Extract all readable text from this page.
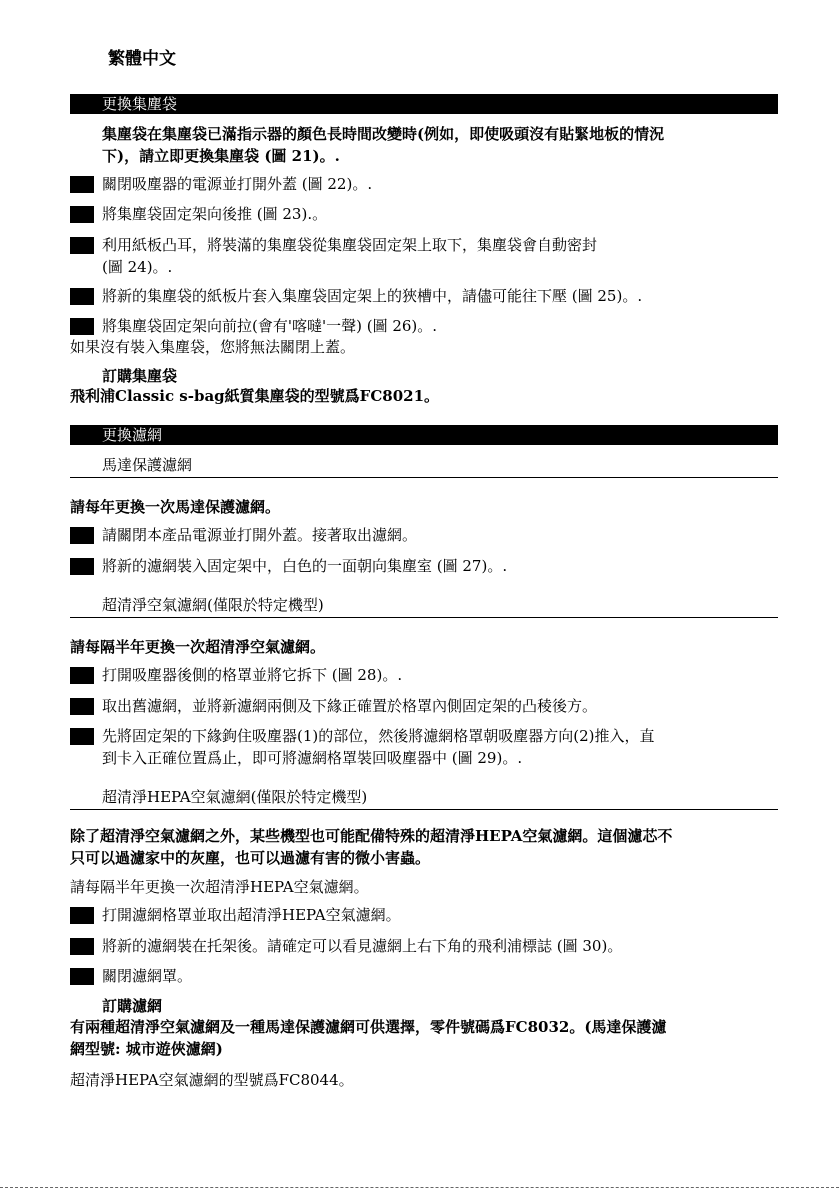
繁體中文
更換集塵袋
集塵袋在集塵袋已滿指示器的顏色長時間改變時(例如，即使吸頭沒有貼緊地板的情況
下)，請立即更換集塵袋 (圖 21)。.
關閉吸塵器的電源並打開外蓋 (圖 22)。.
將集塵袋固定架向後推 (圖 23).。
利用紙板凸耳，將裝滿的集塵袋從集塵袋固定架上取下，集塵袋會自動密封
(圖 24)。.
將新的集塵袋的紙板片套入集塵袋固定架上的狹槽中，請儘可能往下壓 (圖 25)。.
將集塵袋固定架向前拉(會有'喀噠'一聲) (圖 26)。.
如果沒有裝入集塵袋，您將無法關閉上蓋。
訂購集塵袋
飛利浦Classic s-bag紙質集塵袋的型號爲FC8021。
更換濾網
馬達保護濾網
請每年更換一次馬達保護濾網。
請關閉本產品電源並打開外蓋。接著取出濾網。
將新的濾網裝入固定架中，白色的一面朝向集塵室 (圖 27)。.
超清淨空氣濾網(僅限於特定機型)
請每隔半年更換一次超清淨空氣濾網。
打開吸塵器後側的格罩並將它拆下 (圖 28)。.
取出舊濾網，並將新濾網兩側及下緣正確置於格罩內側固定架的凸稜後方。
先將固定架的下緣鉤住吸塵器(1)的部位，然後將濾網格罩朝吸塵器方向(2)推入，直
到卡入正確位置爲止，即可將濾網格罩裝回吸塵器中 (圖 29)。.
超清淨HEPA空氣濾網(僅限於特定機型)
除了超清淨空氣濾網之外，某些機型也可能配備特殊的超清淨HEPA空氣濾網。這個濾芯不
只可以過濾家中的灰塵，也可以過濾有害的微小害蟲。
請每隔半年更換一次超清淨HEPA空氣濾網。
打開濾網格罩並取出超清淨HEPA空氣濾網。
將新的濾網裝在托架後。請確定可以看見濾網上右下角的飛利浦標誌 (圖 30)。
關閉濾網罩。
訂購濾網
有兩種超清淨空氣濾網及一種馬達保護濾網可供選擇，零件號碼爲FC8032。(馬達保護濾
網型號: 城市遊俠濾網)
超清淨HEPA空氣濾網的型號爲FC8044。
